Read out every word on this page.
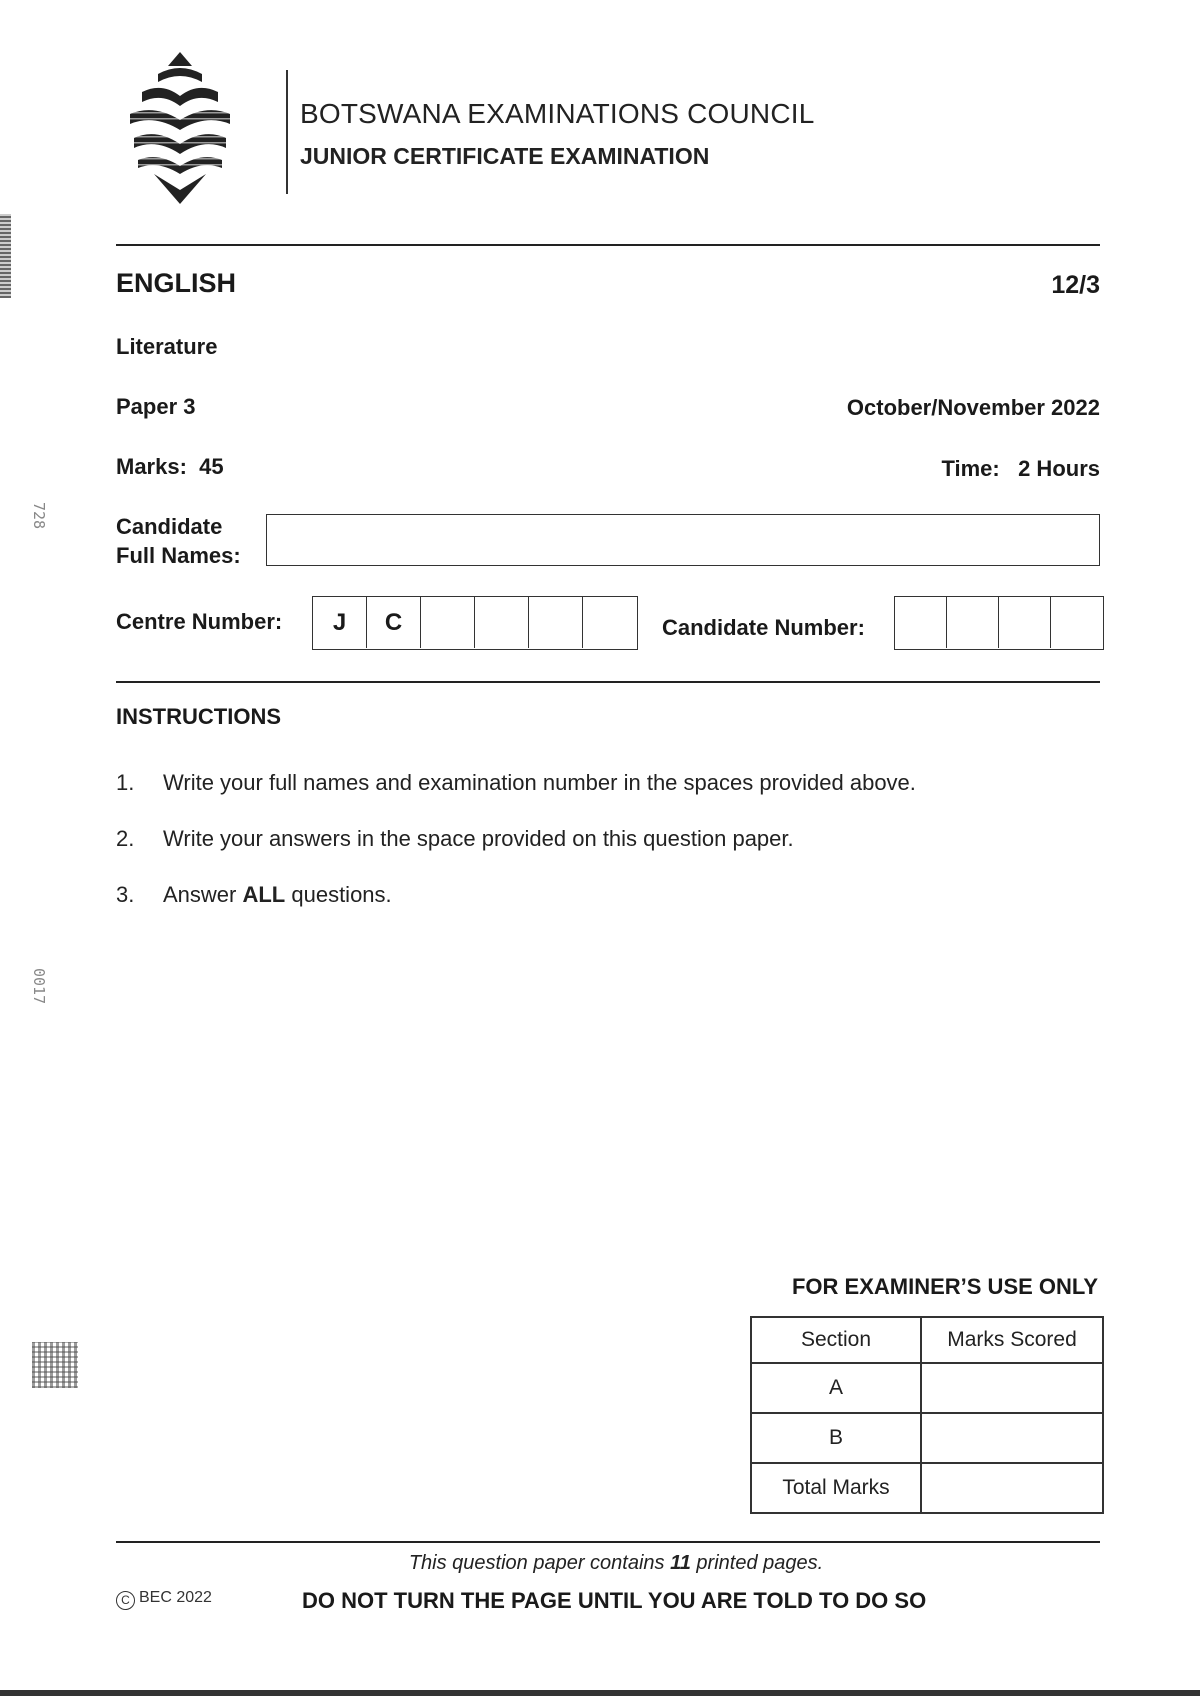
728
0017
BOTSWANA EXAMINATIONS COUNCIL
JUNIOR CERTIFICATE EXAMINATION
ENGLISH	12/3
Literature
Paper 3	October/November 2022
Marks: 45	Time: 2 Hours
Candidate
Full Names:
Centre Number:	J	C	Candidate Number:
INSTRUCTIONS
1. Write your full names and examination number in the spaces provided above.
2. Write your answers in the space provided on this question paper.
3. Answer ALL questions.
FOR EXAMINER’S USE ONLY
Section	Marks Scored
A	
B	
Total Marks	
This question paper contains 11 printed pages.
C BEC 2022	DO NOT TURN THE PAGE UNTIL YOU ARE TOLD TO DO SO
